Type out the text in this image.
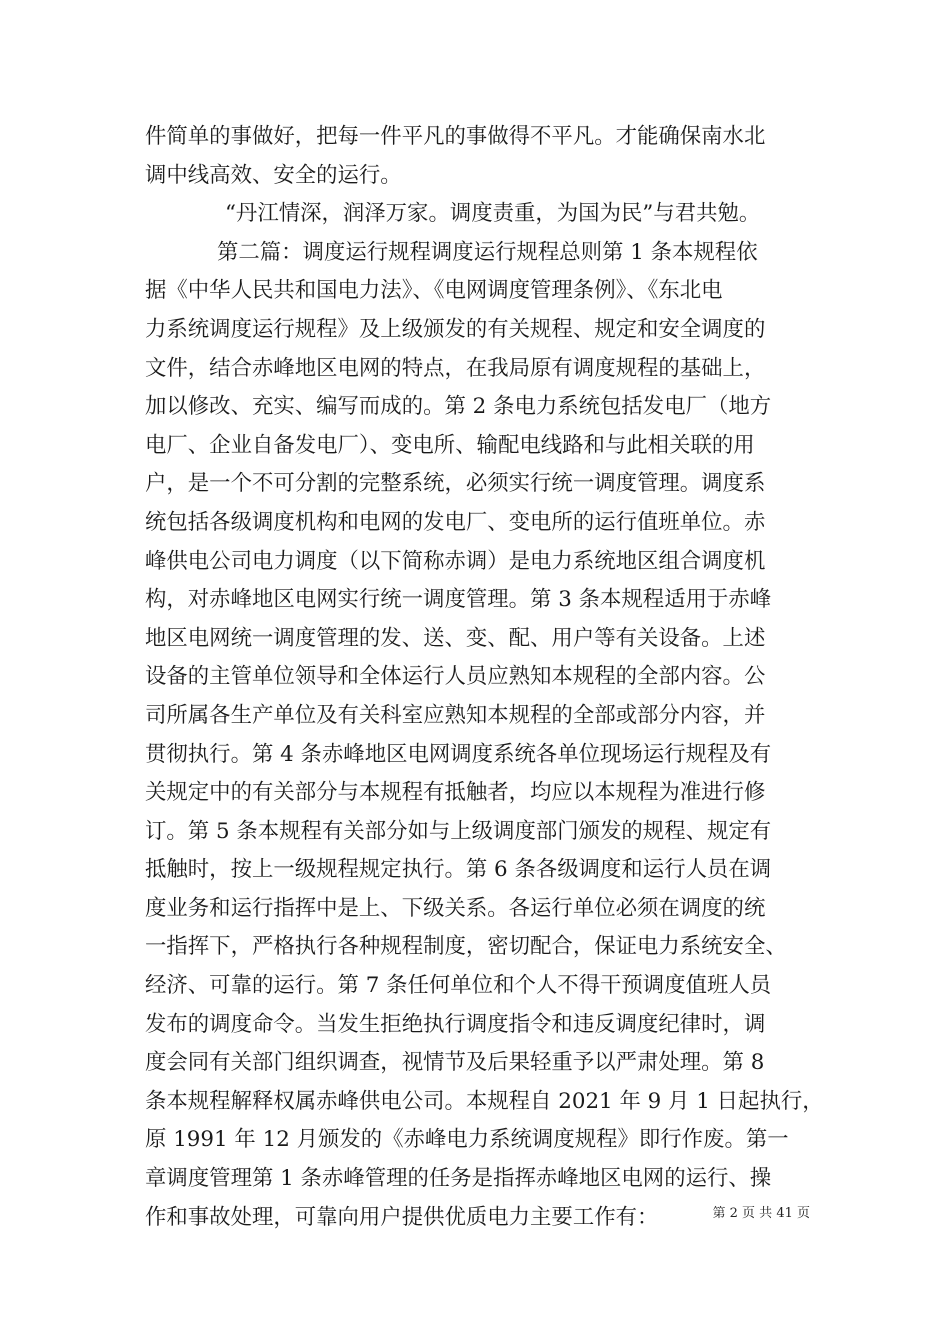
件简单的事做好，把每一件平凡的事做得不平凡。才能确保南水北
调中线高效、安全的运行。
“丹江情深，润泽万家。调度责重，为国为民”与君共勉。
第二篇：调度运行规程调度运行规程总则第 1 条本规程依
据《中华人民共和国电力法》、《电网调度管理条例》、《东北电
力系统调度运行规程》及上级颁发的有关规程、规定和安全调度的
文件，结合赤峰地区电网的特点，在我局原有调度规程的基础上，
加以修改、充实、编写而成的。第 2 条电力系统包括发电厂（地方
电厂、企业自备发电厂）、变电所、输配电线路和与此相关联的用
户，是一个不可分割的完整系统，必须实行统一调度管理。调度系
统包括各级调度机构和电网的发电厂、变电所的运行值班单位。赤
峰供电公司电力调度（以下简称赤调）是电力系统地区组合调度机
构，对赤峰地区电网实行统一调度管理。第 3 条本规程适用于赤峰
地区电网统一调度管理的发、送、变、配、用户等有关设备。上述
设备的主管单位领导和全体运行人员应熟知本规程的全部内容。公
司所属各生产单位及有关科室应熟知本规程的全部或部分内容，并
贯彻执行。第 4 条赤峰地区电网调度系统各单位现场运行规程及有
关规定中的有关部分与本规程有抵触者，均应以本规程为准进行修
订。第 5 条本规程有关部分如与上级调度部门颁发的规程、规定有
抵触时，按上一级规程规定执行。第 6 条各级调度和运行人员在调
度业务和运行指挥中是上、下级关系。各运行单位必须在调度的统
一指挥下，严格执行各种规程制度，密切配合，保证电力系统安全、
经济、可靠的运行。第 7 条任何单位和个人不得干预调度值班人员
发布的调度命令。当发生拒绝执行调度指令和违反调度纪律时，调
度会同有关部门组织调查，视情节及后果轻重予以严肃处理。第 8
条本规程解释权属赤峰供电公司。本规程自 2021 年 9 月 1 日起执行，
原 1991 年 12 月颁发的《赤峰电力系统调度规程》即行作废。第一
章调度管理第 1 条赤峰管理的任务是指挥赤峰地区电网的运行、操
作和事故处理，可靠向用户提供优质电力主要工作有：	第 2 页 共 41 页
